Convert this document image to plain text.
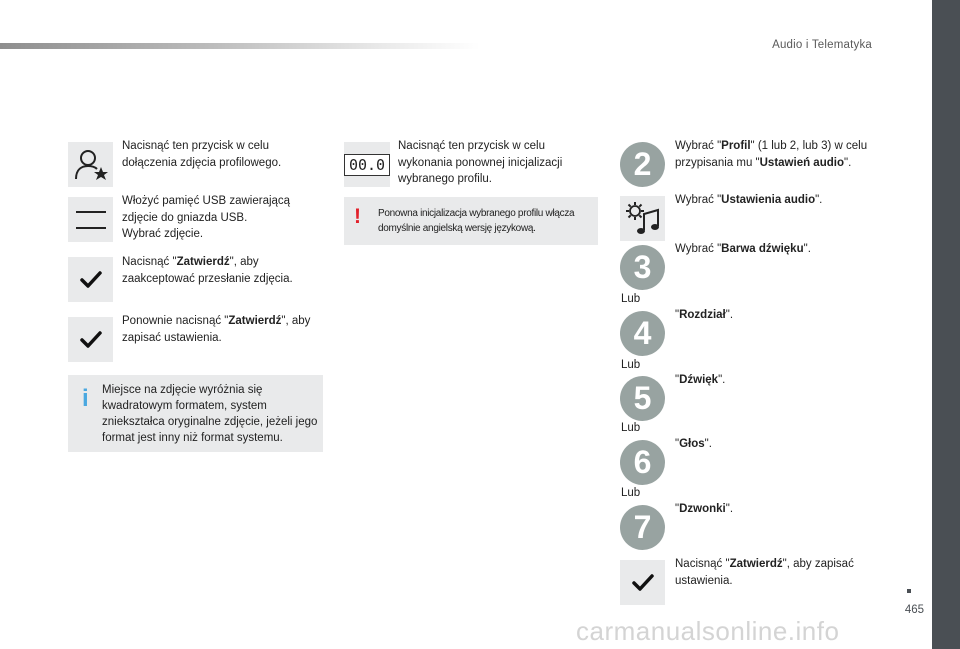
Audio i Telematyka
465
Nacisnąć ten przycisk w celu dołączenia zdjęcia profilowego.
Włożyć pamięć USB zawierającą zdjęcie do gniazda USB.
Wybrać zdjęcie.
Nacisnąć "Zatwierdź", aby zaakceptować przesłanie zdjęcia.
Ponownie nacisnąć "Zatwierdź", aby zapisać ustawienia.
i Miejsce na zdjęcie wyróżnia się kwadratowym formatem, system zniekształca oryginalne zdjęcie, jeżeli jego format jest inny niż format systemu.
00.0
Nacisnąć ten przycisk w celu wykonania ponownej inicjalizacji wybranego profilu.
! Ponowna inicjalizacja wybranego profilu włącza domyślnie angielską wersję językową.
2	Wybrać "Profil" (1 lub 2, lub 3) w celu przypisania mu "Ustawień audio".
Wybrać "Ustawienia audio".
3	Wybrać "Barwa dźwięku".
Lub
4	"Rozdział".
Lub
5	"Dźwięk".
Lub
6	"Głos".
Lub
7	"Dzwonki".
Nacisnąć "Zatwierdź", aby zapisać ustawienia.
carmanualsonline.info
